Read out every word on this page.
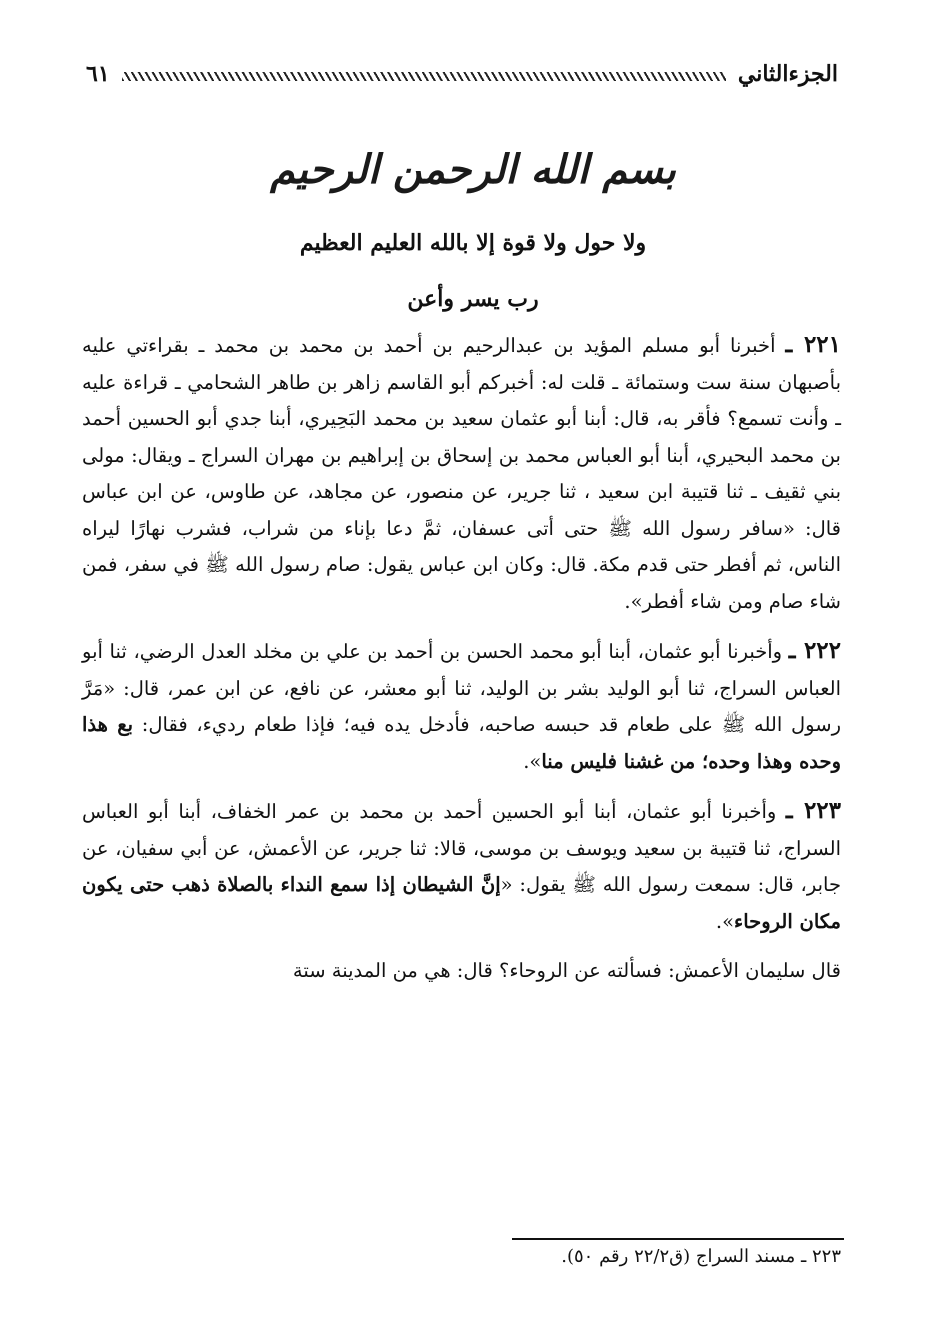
الجزءالثاني
٦١
بسم الله الرحمن الرحيم
ولا حول ولا قوة إلا بالله العليم العظيم
رب يسر وأعن

٢٢١ ـ أخبرنا أبو مسلم المؤيد بن عبدالرحيم بن أحمد بن محمد بن محمد ـ بقراءتي عليه بأصبهان سنة ست وستمائة ـ قلت له: أخبركم أبو القاسم زاهر بن طاهر الشحامي ـ قراءة عليه ـ وأنت تسمع؟ فأقر به، قال: أبنا أبو عثمان سعيد بن محمد البَحِيري، أبنا جدي أبو الحسين أحمد بن محمد البحيري، أبنا أبو العباس محمد بن إسحاق بن إبراهيم بن مهران السراج ـ ويقال: مولى بني ثقيف ـ ثنا قتيبة ابن سعيد ، ثنا جرير، عن منصور، عن مجاهد، عن طاوس، عن ابن عباس قال: «سافر رسول الله ﷺ حتى أتى عسفان، ثمَّ دعا بإناء من شراب، فشرب نهارًا ليراه الناس، ثم أفطر حتى قدم مكة. قال: وكان ابن عباس يقول: صام رسول الله ﷺ في سفر، فمن شاء صام ومن شاء أفطر».

٢٢٢ ـ وأخبرنا أبو عثمان، أبنا أبو محمد الحسن بن أحمد بن علي بن مخلد العدل الرضي، ثنا أبو العباس السراج، ثنا أبو الوليد بشر بن الوليد، ثنا أبو معشر، عن نافع، عن ابن عمر، قال: «مَرَّ رسول الله ﷺ على طعام قد حبسه صاحبه، فأدخل يده فيه؛ فإذا طعام رديء، فقال: بع هذا وحده وهذا وحده؛ من غشنا فليس منا».

٢٢٣ ـ وأخبرنا أبو عثمان، أبنا أبو الحسين أحمد بن محمد بن عمر الخفاف، أبنا أبو العباس السراج، ثنا قتيبة بن سعيد ويوسف بن موسى، قالا: ثنا جرير، عن الأعمش، عن أبي سفيان، عن جابر، قال: سمعت رسول الله ﷺ يقول: «إنَّ الشيطان إذا سمع النداء بالصلاة ذهب حتى يكون مكان الروحاء».

قال سليمان الأعمش: فسألته عن الروحاء؟ قال: هي من المدينة ستة

٢٢٣ ـ مسند السراج (ق٢٢/٢ رقم ٥٠).
